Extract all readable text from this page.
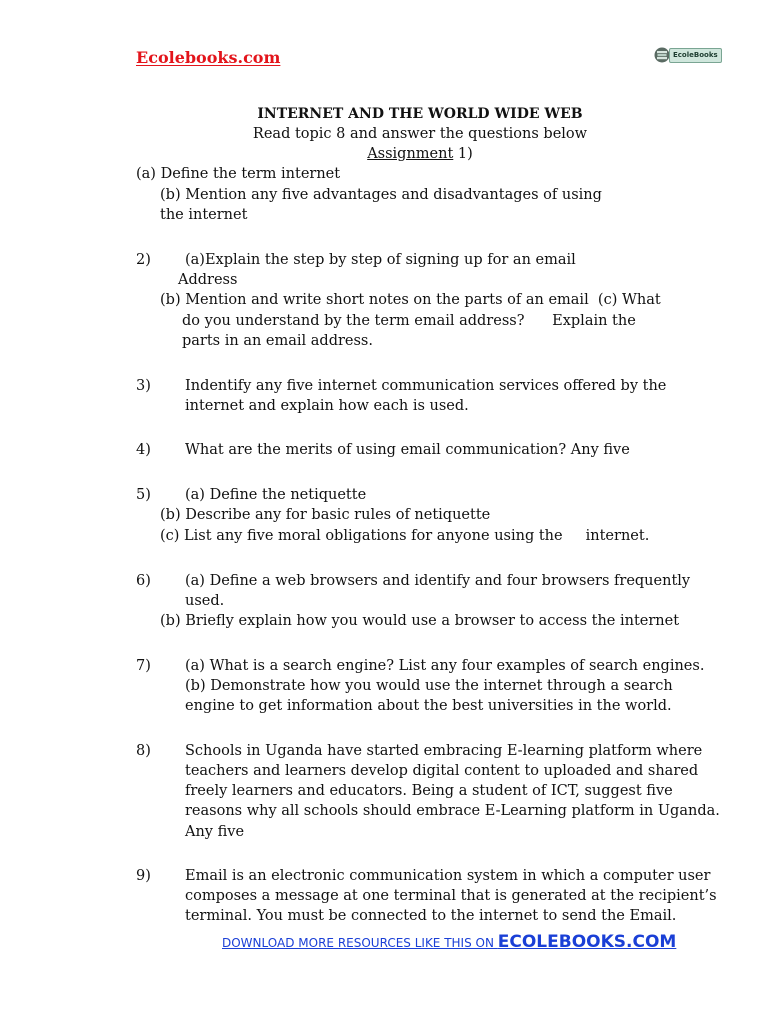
Ecolebooks.com	EcoleBooks
INTERNET AND THE WORLD WIDE WEB
Read topic 8 and answer the questions below
Assignment 1)
(a) Define the term internet
(b) Mention any five advantages and disadvantages of using
the internet
2) (a)Explain the step by step of signing up for an email
Address
(b) Mention and write short notes on the parts of an email  (c) What
do you understand by the term email address?      Explain the
parts in an email address.
3) Indentify any five internet communication services offered by the
internet and explain how each is used.
4) What are the merits of using email communication? Any five
5) (a) Define the netiquette
(b) Describe any for basic rules of netiquette
(c) List any five moral obligations for anyone using the     internet.
6) (a) Define a web browsers and identify and four browsers frequently
used.
(b) Briefly explain how you would use a browser to access the internet
7) (a) What is a search engine? List any four examples of search engines.
(b) Demonstrate how you would use the internet through a search
engine to get information about the best universities in the world.
8) Schools in Uganda have started embracing E-learning platform where
teachers and learners develop digital content to uploaded and shared
freely learners and educators. Being a student of ICT, suggest five
reasons why all schools should embrace E-Learning platform in Uganda.
Any five
9) Email is an electronic communication system in which a computer user
composes a message at one terminal that is generated at the recipient’s
terminal. You must be connected to the internet to send the Email.
DOWNLOAD MORE RESOURCES LIKE THIS ON ECOLEBOOKS.COM
